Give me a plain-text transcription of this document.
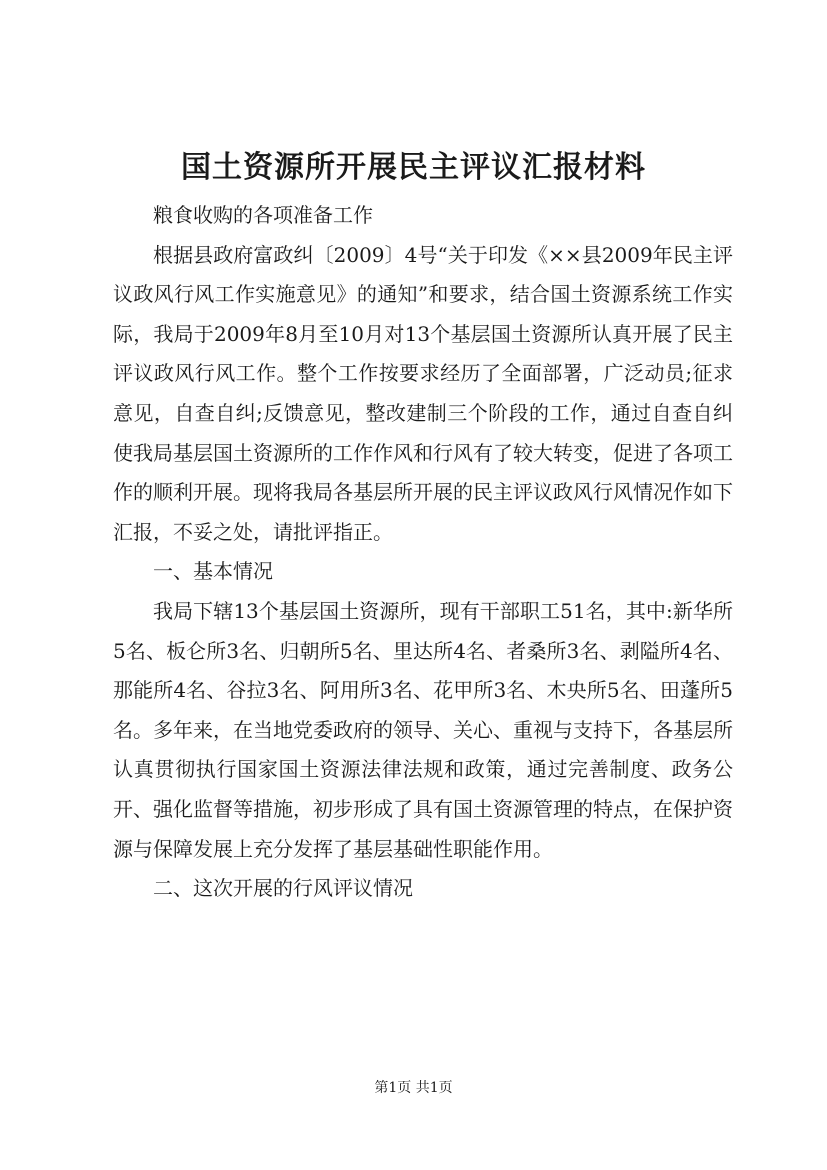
国土资源所开展民主评议汇报材料

粮食收购的各项准备工作

根据县政府富政纠〔2009〕4号“关于印发《××县2009年民主评议政风行风工作实施意见》的通知”和要求，结合国土资源系统工作实际，我局于2009年8月至10月对13个基层国土资源所认真开展了民主评议政风行风工作。整个工作按要求经历了全面部署，广泛动员;征求意见，自查自纠;反馈意见，整改建制三个阶段的工作，通过自查自纠使我局基层国土资源所的工作作风和行风有了较大转变，促进了各项工作的顺利开展。现将我局各基层所开展的民主评议政风行风情况作如下汇报，不妥之处，请批评指正。

一、基本情况

我局下辖13个基层国土资源所，现有干部职工51名，其中:新华所5名、板仑所3名、归朝所5名、里达所4名、者桑所3名、剥隘所4名、那能所4名、谷拉3名、阿用所3名、花甲所3名、木央所5名、田蓬所5名。多年来，在当地党委政府的领导、关心、重视与支持下，各基层所认真贯彻执行国家国土资源法律法规和政策，通过完善制度、政务公开、强化监督等措施，初步形成了具有国土资源管理的特点，在保护资源与保障发展上充分发挥了基层基础性职能作用。

二、这次开展的行风评议情况

第1页 共1页
